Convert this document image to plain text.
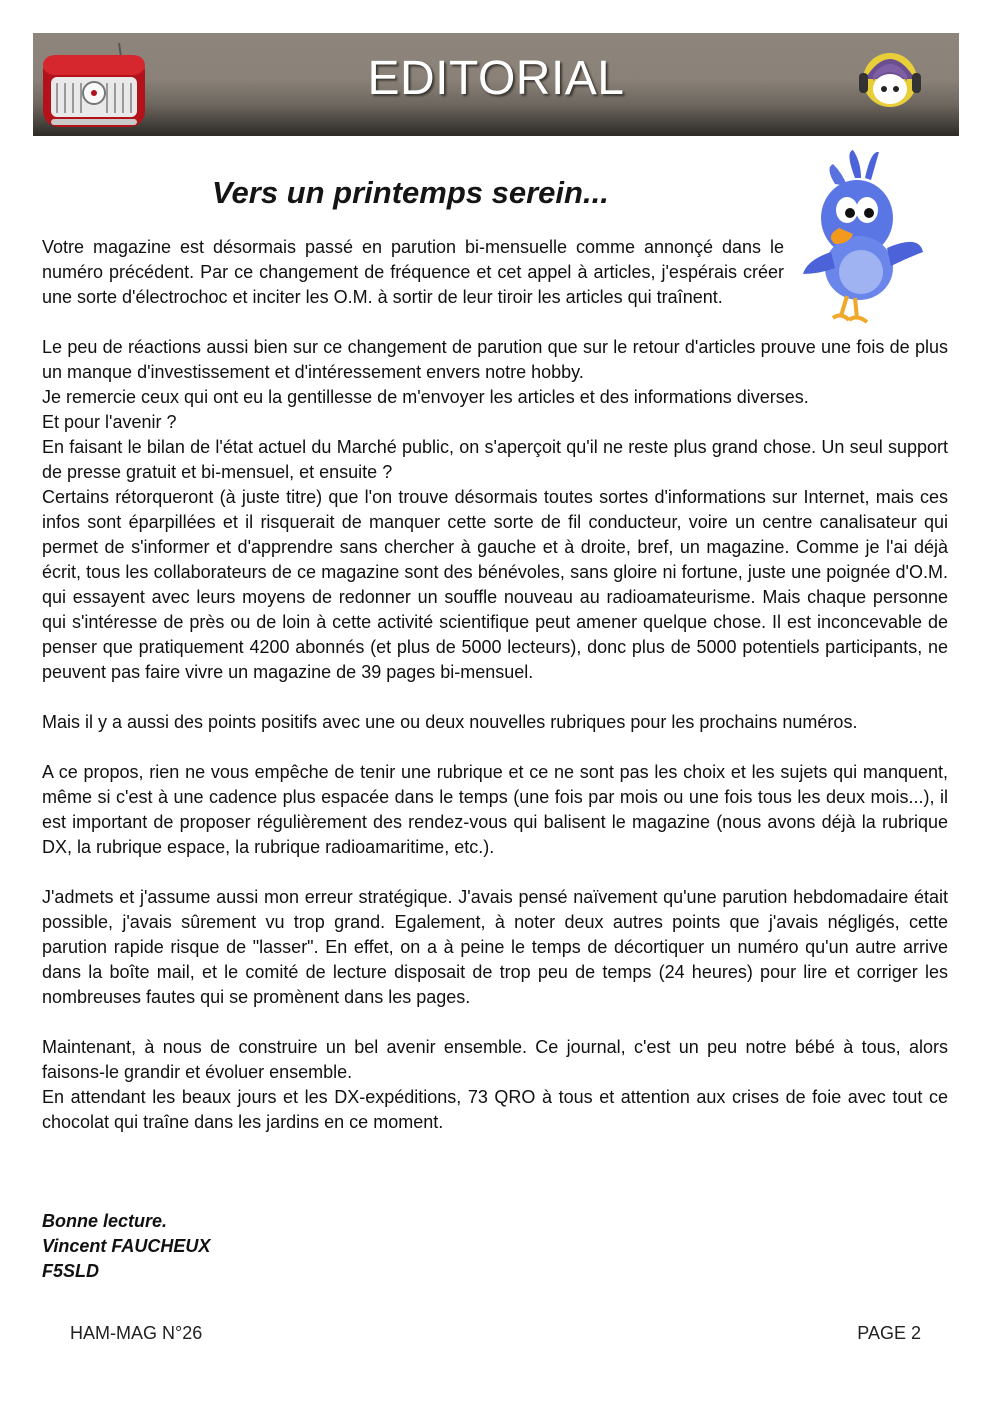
EDITORIAL
Vers un printemps serein...

Votre magazine est désormais passé en parution bi-mensuelle comme annonçé dans le numéro précédent. Par ce changement de fréquence et cet appel à articles, j'espérais créer une sorte d'électrochoc et inciter les O.M. à sortir de leur tiroir les articles qui traînent.

Le peu de réactions aussi bien sur ce changement de parution que sur le retour d'articles prouve une fois de plus un manque d'investissement et d'intéressement envers notre hobby.
Je remercie ceux qui ont eu la gentillesse de m'envoyer les articles et des informations diverses.
Et pour l'avenir ?
En faisant le bilan de l'état actuel du Marché public, on s'aperçoit qu'il ne reste plus grand chose. Un seul support de presse gratuit et bi-mensuel, et ensuite ?
Certains rétorqueront (à juste titre) que l'on trouve désormais toutes sortes d'informations sur Internet, mais ces infos sont éparpillées et il risquerait de manquer cette sorte de fil conducteur, voire un centre canalisateur qui permet de s'informer et d'apprendre sans chercher à gauche et à droite, bref, un magazine. Comme je l'ai déjà écrit, tous les collaborateurs de ce magazine sont des bénévoles, sans gloire ni fortune, juste une poignée d'O.M. qui essayent avec leurs moyens de redonner un souffle nouveau au radioamateurisme. Mais chaque personne qui s'intéresse de près ou de loin à cette activité scientifique peut amener quelque chose. Il est inconcevable de penser que pratiquement 4200 abonnés (et plus de 5000 lecteurs), donc plus de 5000 potentiels participants, ne peuvent pas faire vivre un magazine de 39 pages bi-mensuel.
Mais il y a aussi des points positifs avec une ou deux nouvelles rubriques pour les prochains numéros.
A ce propos, rien ne vous empêche de tenir une rubrique et ce ne sont pas les choix et les sujets qui manquent, même si c'est à une cadence plus espacée dans le temps (une fois par mois ou une fois tous les deux mois...), il est important de proposer régulièrement des rendez-vous qui balisent le magazine (nous avons déjà la rubrique DX, la rubrique espace, la rubrique radioamaritime, etc.).
J'admets et j'assume aussi mon erreur stratégique. J'avais pensé naïvement qu'une parution hebdomadaire était possible, j'avais sûrement vu trop grand. Egalement, à noter deux autres points que j'avais négligés, cette parution rapide risque de "lasser". En effet, on a à peine le temps de décortiquer un numéro qu'un autre arrive dans la boîte mail, et le comité de lecture disposait de trop peu de temps (24 heures) pour lire et corriger les nombreuses fautes qui se promènent dans les pages.
Maintenant, à nous de construire un bel avenir ensemble. Ce journal, c'est un peu notre bébé à tous, alors faisons-le grandir et évoluer ensemble.
En attendant les beaux jours et les DX-expéditions, 73 QRO à tous et attention aux crises de foie avec tout ce chocolat qui traîne dans les jardins en ce moment.
Bonne lecture.
Vincent FAUCHEUX
F5SLD
HAM-MAG N°26	PAGE 2
